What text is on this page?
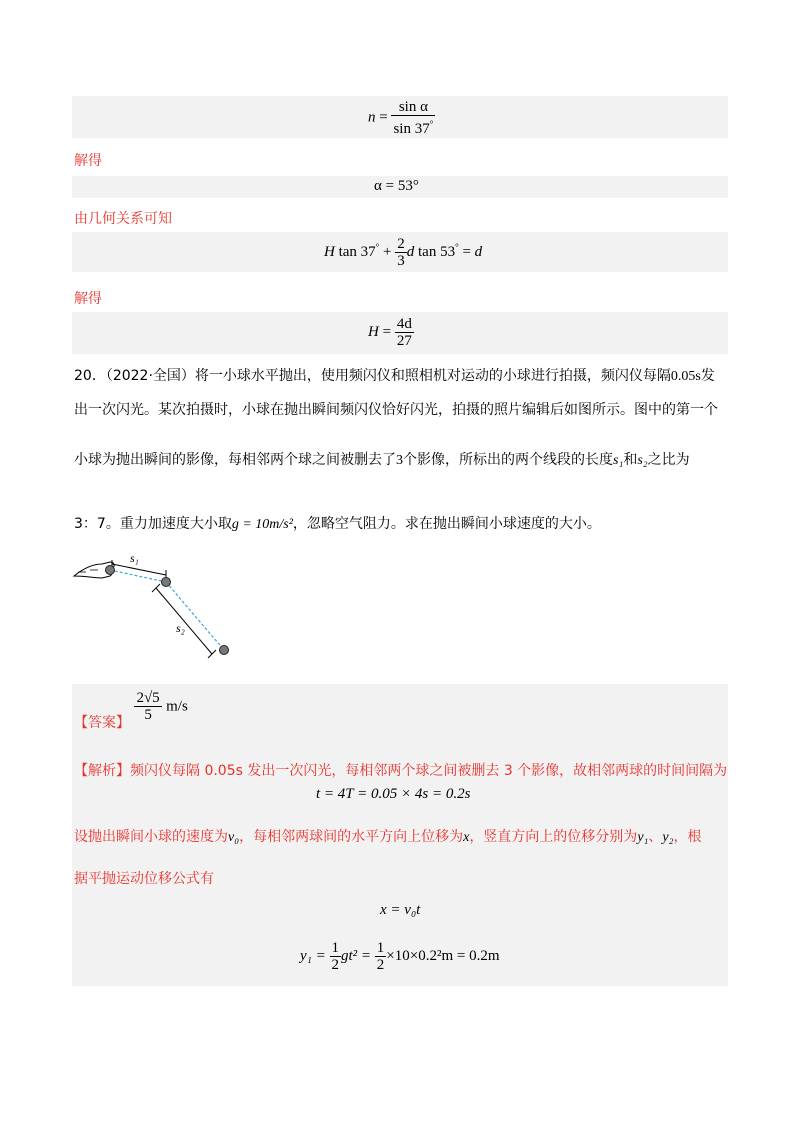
$n = \frac{\text{sin α}}{\sin 37^\circ}$
解得
α = 53°
由几何关系可知
H $\tan 37^\circ + \frac{2}{3}$ d tan 53° = d
解得
$H = \frac{4d}{27}$
20．（2022·全国）将一小球水平抛出，使用频闪仪和照相机对运动的小球进行拍摄，频闪仪每隔0.05s发
出一次闪光。某次拍摄时，小球在抛出瞬间频闪仪恰好闪光，拍摄的照片编辑后如图所示。图中的第一个
小球为抛出瞬间的影像，每相邻两个球之间被删去了3个影像，所标出的两个线段的长度s₁和s₂之比为
3：7。重力加速度大小取g = 10m/s²，忽略空气阻力。求在抛出瞬间小球速度的大小。
s₁
s₂
【答案】 $\frac{2√5}{5} m/s$
【解析】频闪仪每隔 0.05s 发出一次闪光，每相邻两个球之间被删去 3 个影像，故相邻两球的时间间隔为
t = 4T = 0.05 × 4s = 0.2s
设抛出瞬间小球的速度为v₀，每相邻两球间的水平方向上位移为x，竖直方向上的位移分别为y₁、y₂，根
据平抛运动位移公式有
x = v₀t
$y_1 = \frac{1}{2} gt^2 = \frac{1}{2} \times 10\times 0.2^2m = 0.2m$
